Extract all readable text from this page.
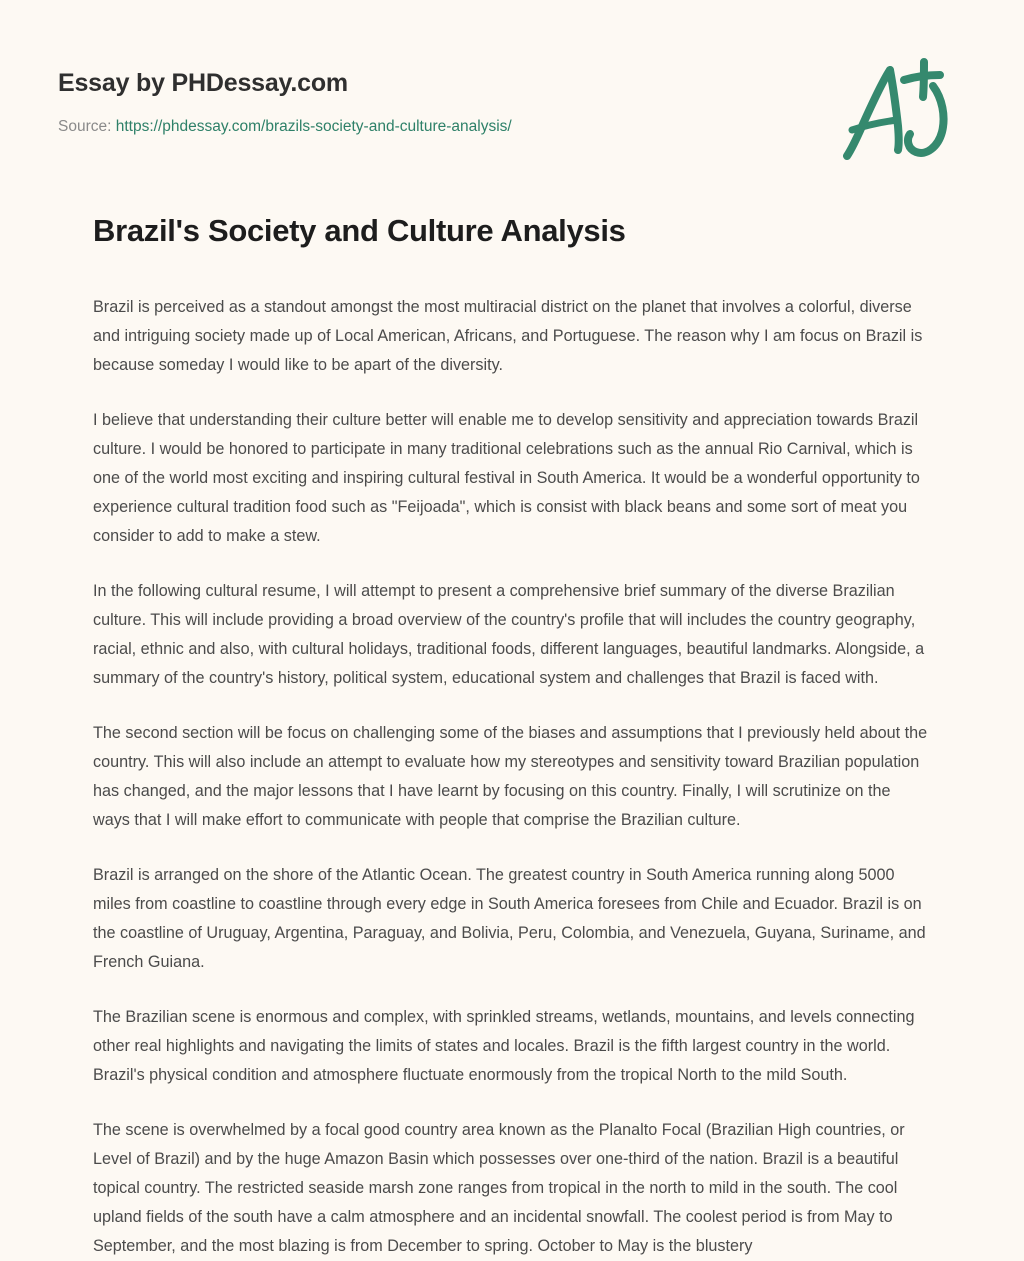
Essay by PHDessay.com
Source: https://phdessay.com/brazils-society-and-culture-analysis/
Brazil's Society and Culture Analysis

Brazil is perceived as a standout amongst the most multiracial district on the planet that involves a colorful, diverse and intriguing society made up of Local American, Africans, and Portuguese. The reason why I am focus on Brazil is because someday I would like to be apart of the diversity.

I believe that understanding their culture better will enable me to develop sensitivity and appreciation towards Brazil culture. I would be honored to participate in many traditional celebrations such as the annual Rio Carnival, which is one of the world most exciting and inspiring cultural festival in South America. It would be a wonderful opportunity to experience cultural tradition food such as "Feijoada", which is consist with black beans and some sort of meat you consider to add to make a stew.

In the following cultural resume, I will attempt to present a comprehensive brief summary of the diverse Brazilian culture. This will include providing a broad overview of the country's profile that will includes the country geography, racial, ethnic and also, with cultural holidays, traditional foods, different languages, beautiful landmarks. Alongside, a summary of the country's history, political system, educational system and challenges that Brazil is faced with.

The second section will be focus on challenging some of the biases and assumptions that I previously held about the country. This will also include an attempt to evaluate how my stereotypes and sensitivity toward Brazilian population has changed, and the major lessons that I have learnt by focusing on this country. Finally, I will scrutinize on the ways that I will make effort to communicate with people that comprise the Brazilian culture.

Brazil is arranged on the shore of the Atlantic Ocean. The greatest country in South America running along 5000 miles from coastline to coastline through every edge in South America foresees from Chile and Ecuador. Brazil is on the coastline of Uruguay, Argentina, Paraguay, and Bolivia, Peru, Colombia, and Venezuela, Guyana, Suriname, and French Guiana.

The Brazilian scene is enormous and complex, with sprinkled streams, wetlands, mountains, and levels connecting other real highlights and navigating the limits of states and locales. Brazil is the fifth largest country in the world. Brazil's physical condition and atmosphere fluctuate enormously from the tropical North to the mild South.

The scene is overwhelmed by a focal good country area known as the Planalto Focal (Brazilian High countries, or Level of Brazil) and by the huge Amazon Basin which possesses over one-third of the nation. Brazil is a beautiful topical country. The restricted seaside marsh zone ranges from tropical in the north to mild in the south. The cool upland fields of the south have a calm atmosphere and an incidental snowfall. The coolest period is from May to September, and the most blazing is from December to spring. October to May is the blustery
